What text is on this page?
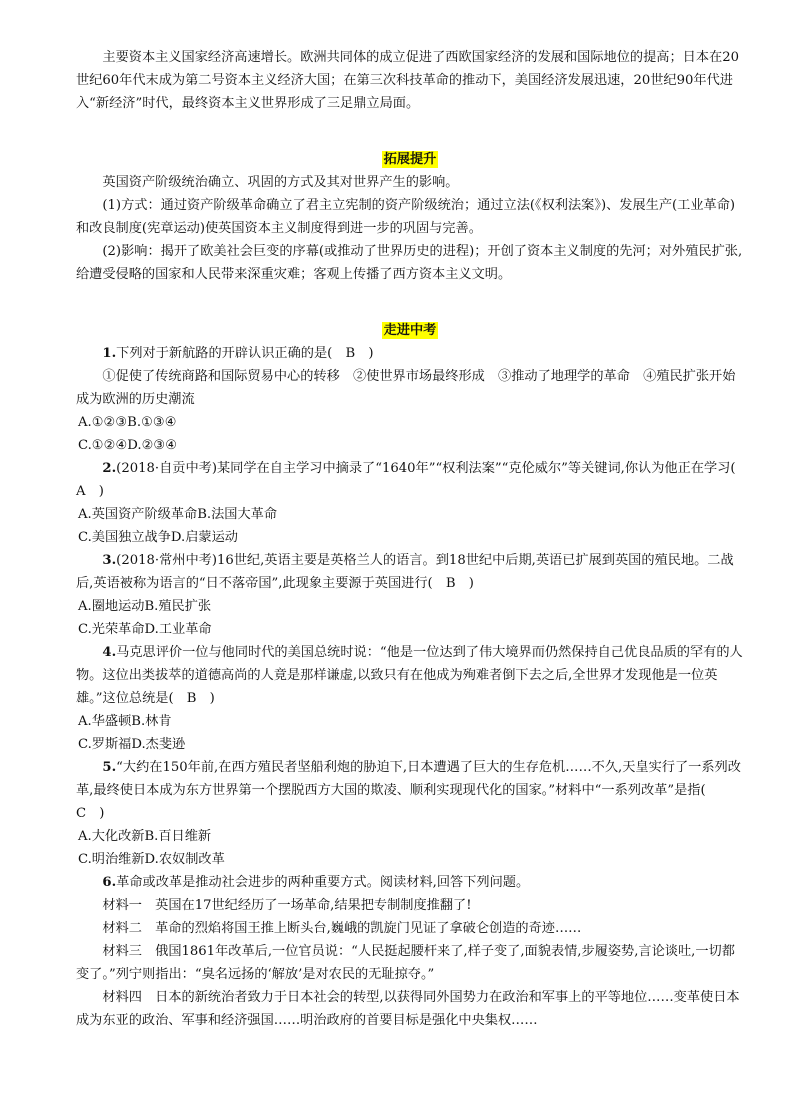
主要资本主义国家经济高速增长。欧洲共同体的成立促进了西欧国家经济的发展和国际地位的提高；日本在20世纪60年代末成为第二号资本主义经济大国；在第三次科技革命的推动下，美国经济发展迅速，20世纪90年代进入“新经济”时代，最终资本主义世界形成了三足鼎立局面。

拓展提升

英国资产阶级统治确立、巩固的方式及其对世界产生的影响。

(1)方式：通过资产阶级革命确立了君主立宪制的资产阶级统治；通过立法(《权利法案》)、发展生产(工业革命)和改良制度(宪章运动)使英国资本主义制度得到进一步的巩固与完善。

(2)影响：揭开了欧美社会巨变的序幕(或推动了世界历史的进程)；开创了资本主义制度的先河；对外殖民扩张,给遭受侵略的国家和人民带来深重灾难；客观上传播了西方资本主义文明。

走进中考

1.下列对于新航路的开辟认识正确的是(　B　)

①促使了传统商路和国际贸易中心的转移　②使世界市场最终形成　③推动了地理学的革命　④殖民扩张开始成为欧洲的历史潮流

A.①②③B.①③④

C.①②④D.②③④

2.(2018·自贡中考)某同学在自主学习中摘录了“1640年”“权利法案”“克伦威尔”等关键词,你认为他正在学习(　A　)

A.英国资产阶级革命B.法国大革命

C.美国独立战争D.启蒙运动

3.(2018·常州中考)16世纪,英语主要是英格兰人的语言。到18世纪中后期,英语已扩展到英国的殖民地。二战后,英语被称为语言的“日不落帝国”,此现象主要源于英国进行(　B　)

A.圈地运动B.殖民扩张

C.光荣革命D.工业革命

4.马克思评价一位与他同时代的美国总统时说：“他是一位达到了伟大境界而仍然保持自己优良品质的罕有的人物。这位出类拔萃的道德高尚的人竟是那样谦虚,以致只有在他成为殉难者倒下去之后,全世界才发现他是一位英雄。”这位总统是(　B　)

A.华盛顿B.林肯

C.罗斯福D.杰斐逊

5.“大约在150年前,在西方殖民者坚船利炮的胁迫下,日本遭遇了巨大的生存危机……不久,天皇实行了一系列改革,最终使日本成为东方世界第一个摆脱西方大国的欺凌、顺利实现现代化的国家。”材料中“一系列改革”是指(　C　)

A.大化改新B.百日维新

C.明治维新D.农奴制改革

6.革命或改革是推动社会进步的两种重要方式。阅读材料,回答下列问题。

材料一　英国在17世纪经历了一场革命,结果把专制制度推翻了!

材料二　革命的烈焰将国王推上断头台,巍峨的凯旋门见证了拿破仑创造的奇迹……

材料三　俄国1861年改革后,一位官员说：“人民挺起腰杆来了,样子变了,面貌表情,步履姿势,言论谈吐,一切都变了。”列宁则指出：“臭名远扬的‘解放’是对农民的无耻掠夺。”

材料四　日本的新统治者致力于日本社会的转型,以获得同外国势力在政治和军事上的平等地位……变革使日本成为东亚的政治、军事和经济强国……明治政府的首要目标是强化中央集权……
